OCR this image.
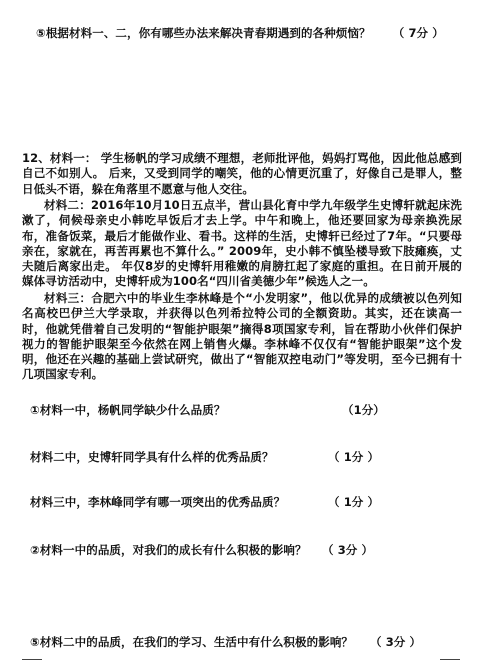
⑤根据材料一、二，你有哪些办法来解决青春期遇到的各种烦恼？ （ 7分 ）
12、材料一： 学生杨帆的学习成绩不理想，老师批评他，妈妈打骂他，因此他总感到自己不如别人。 后来，又受到同学的嘲笑，他的心情更沉重了，好像自己是罪人，整日低头不语，躲在角落里不愿意与他人交往。
材料二：2016年10月10日五点半，营山县化育中学九年级学生史博轩就起床洗漱了，伺候母亲史小韩吃早饭后才去上学。中午和晚上，他还要回家为母亲换洗尿布，准备饭菜，最后才能做作业、看书。这样的生活，史博轩已经过了7年。“只要母亲在，家就在，再苦再累也不算什么。” 2009年，史小韩不慎坠楼导致下肢瘫痪，丈夫随后离家出走。 年仅8岁的史博轩用稚嫩的肩膀扛起了家庭的重担。在日前开展的媒体寻访活动中，史博轩成为100名“四川省美德少年”候选人之一。
材料三：合肥六中的毕业生李林峰是个“小发明家”，他以优异的成绩被以色列知名高校巴伊兰大学录取，并获得以色列希拉特公司的全额资助。其实，还在读高一时，他就凭借着自己发明的“智能护眼架”摘得8项国家专利，旨在帮助小伙伴们保护视力的智能护眼架至今依然在网上销售火爆。李林峰不仅仅有“智能护眼架”这个发明，他还在兴趣的基础上尝试研究，做出了“智能双控电动门”等发明，至今已拥有十几项国家专利。
①材料一中，杨帆同学缺少什么品质？	（1分）
材料二中，史博轩同学具有什么样的优秀品质？	（ 1分 ）
材料三中，李林峰同学有哪一项突出的优秀品质？	（ 1分 ）
②材料一中的品质，对我们的成长有什么积极的影响？ （ 3分 ）
⑤材料二中的品质，在我们的学习、生活中有什么积极的影响？ （ 3分 ）
